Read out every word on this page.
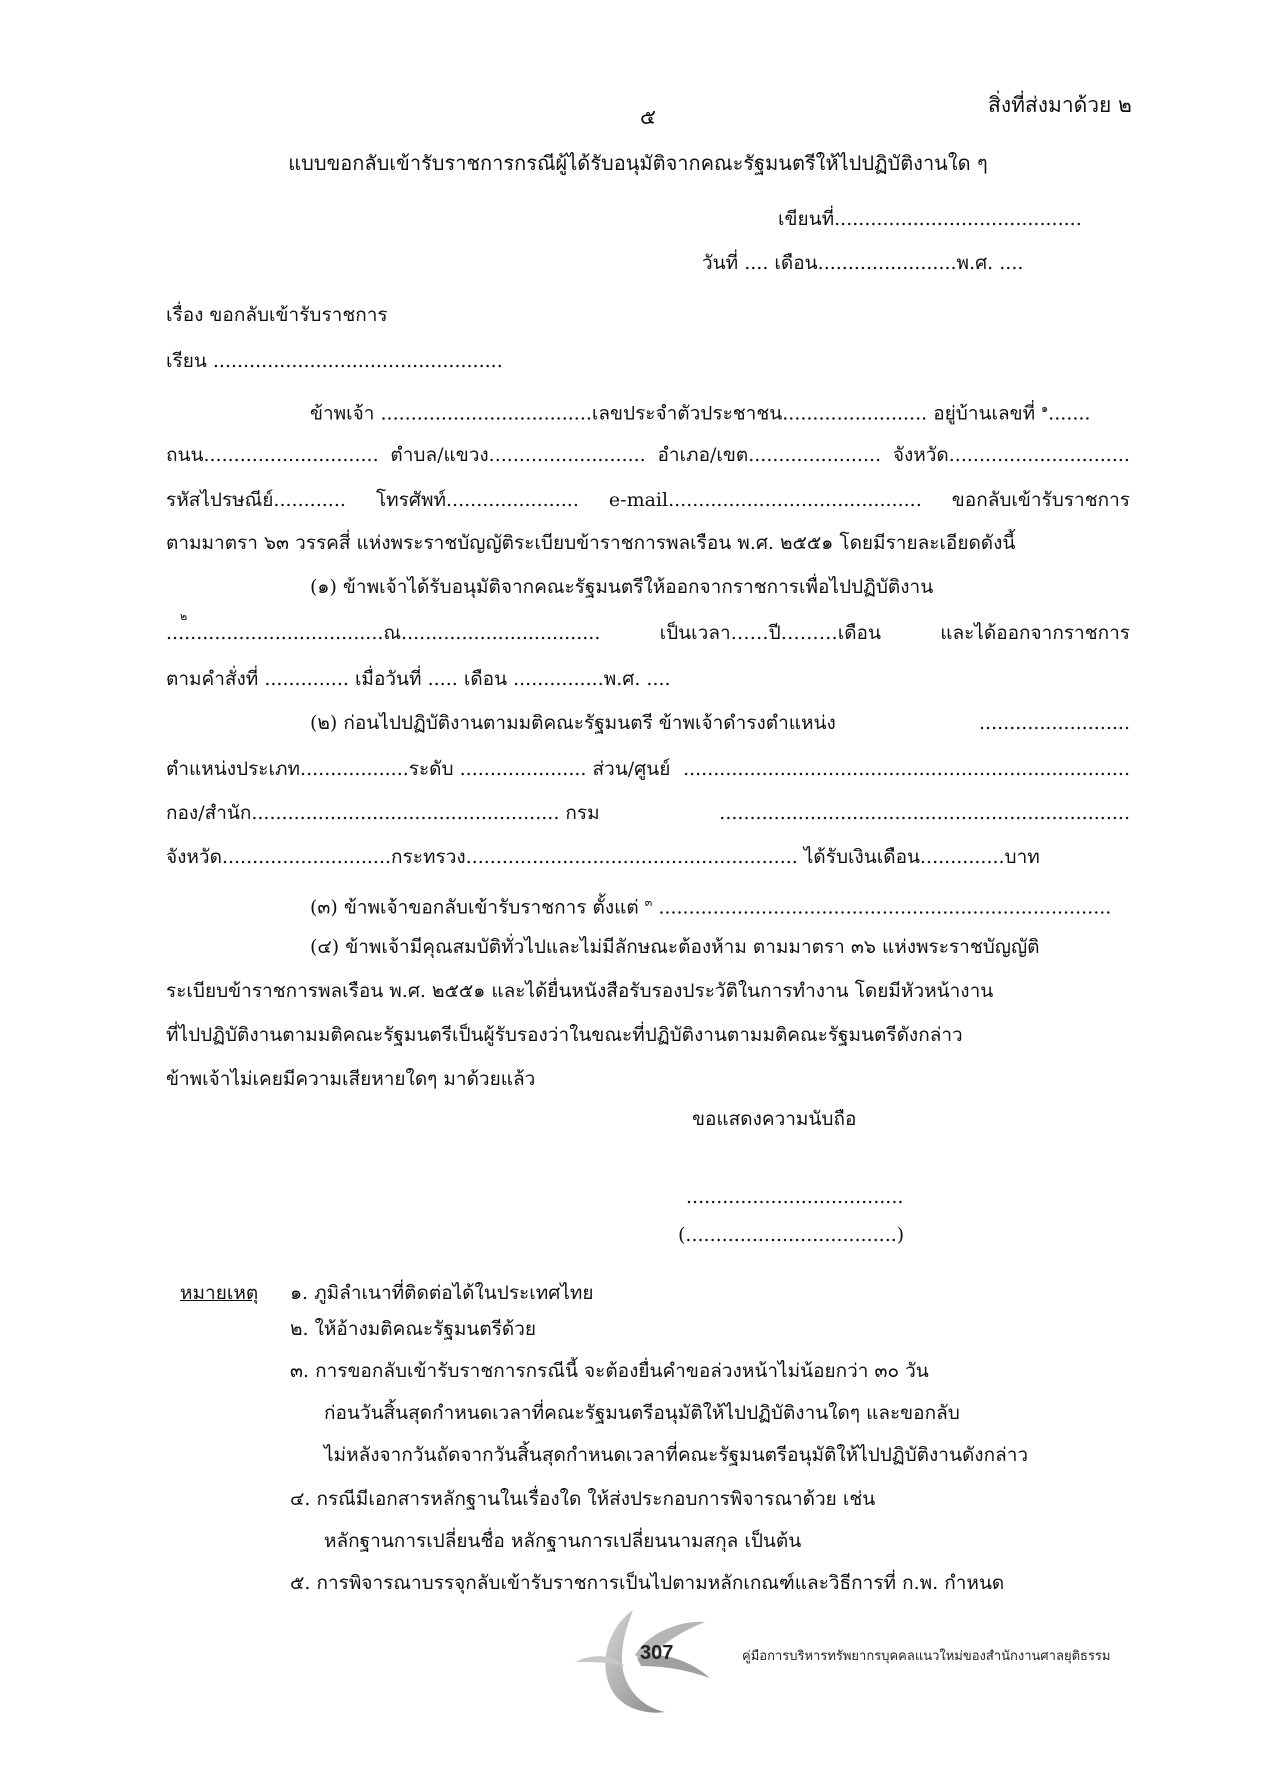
สิ่งที่ส่งมาด้วย ๒
๕
แบบขอกลับเข้ารับราชการกรณีผู้ได้รับอนุมัติจากคณะรัฐมนตรีให้ไปปฏิบัติงานใด ๆ
เขียนที่.........................................
วันที่ .... เดือน.......................พ.ศ. ....
เรื่อง ขอกลับเข้ารับราชการ
เรียน ................................................
ข้าพเจ้า ...................................เลขประจำตัวประชาชน........................ อยู่บ้านเลขที่ $^๑$.......
ถนน............................. ตำบล/แขวง.......................... อำเภอ/เขต...................... จังหวัด..............................
รหัสไปรษณีย์............ โทรศัพท์...................... e-mail.......................................... ขอกลับเข้ารับราชการ
ตามมาตรา ๖๓ วรรคสี่ แห่งพระราชบัญญัติระเบียบข้าราชการพลเรือน พ.ศ. ๒๕๕๑ โดยมีรายละเอียดดังนี้
(๑) ข้าพเจ้าได้รับอนุมัติจากคณะรัฐมนตรีให้ออกจากราชการเพื่อไปปฏิบัติงาน
๒
....................................ณ.................................	เป็นเวลา……ปี………เดือน	และได้ออกจากราชการ
ตามคำสั่งที่ .............. เมื่อวันที่ ..... เดือน ...............พ.ศ. ....
(๒) ก่อนไปปฏิบัติงานตามมติคณะรัฐมนตรี ข้าพเจ้าดำรงตำแหน่ง	.........................
ตำแหน่งประเภท..................ระดับ ..................... ส่วน/ศูนย์ ..........................................................................
กอง/สำนัก................................................... กรม	....................................................................
จังหวัด............................กระทรวง....................................................... ได้รับเงินเดือน..............บาท
(๓) ข้าพเจ้าขอกลับเข้ารับราชการ ตั้งแต่ $^๓$ ...........................................................................
(๔) ข้าพเจ้ามีคุณสมบัติทั่วไปและไม่มีลักษณะต้องห้าม ตามมาตรา ๓๖ แห่งพระราชบัญญัติ
ระเบียบข้าราชการพลเรือน พ.ศ. ๒๕๕๑ และได้ยื่นหนังสือรับรองประวัติในการทำงาน โดยมีหัวหน้างาน
ที่ไปปฏิบัติงานตามมติคณะรัฐมนตรีเป็นผู้รับรองว่าในขณะที่ปฏิบัติงานตามมติคณะรัฐมนตรีดังกล่าว
ข้าพเจ้าไม่เคยมีความเสียหายใดๆ มาด้วยแล้ว
ขอแสดงความนับถือ
....................................
(...................................)
หมายเหตุ ๑. ภูมิลำเนาที่ติดต่อได้ในประเทศไทย
๒. ให้อ้างมติคณะรัฐมนตรีด้วย
๓. การขอกลับเข้ารับราชการกรณีนี้ จะต้องยื่นคำขอล่วงหน้าไม่น้อยกว่า ๓๐ วัน
ก่อนวันสิ้นสุดกำหนดเวลาที่คณะรัฐมนตรีอนุมัติให้ไปปฏิบัติงานใดๆ และขอกลับ
ไม่หลังจากวันถัดจากวันสิ้นสุดกำหนดเวลาที่คณะรัฐมนตรีอนุมัติให้ไปปฏิบัติงานดังกล่าว
๔. กรณีมีเอกสารหลักฐานในเรื่องใด ให้ส่งประกอบการพิจารณาด้วย เช่น
หลักฐานการเปลี่ยนชื่อ หลักฐานการเปลี่ยนนามสกุล เป็นต้น
๕. การพิจารณาบรรจุกลับเข้ารับราชการเป็นไปตามหลักเกณฑ์และวิธีการที่ ก.พ. กำหนด
307	คู่มือการบริหารทรัพยากรบุคคลแนวใหม่ของสำนักงานศาลยุติธรรม
